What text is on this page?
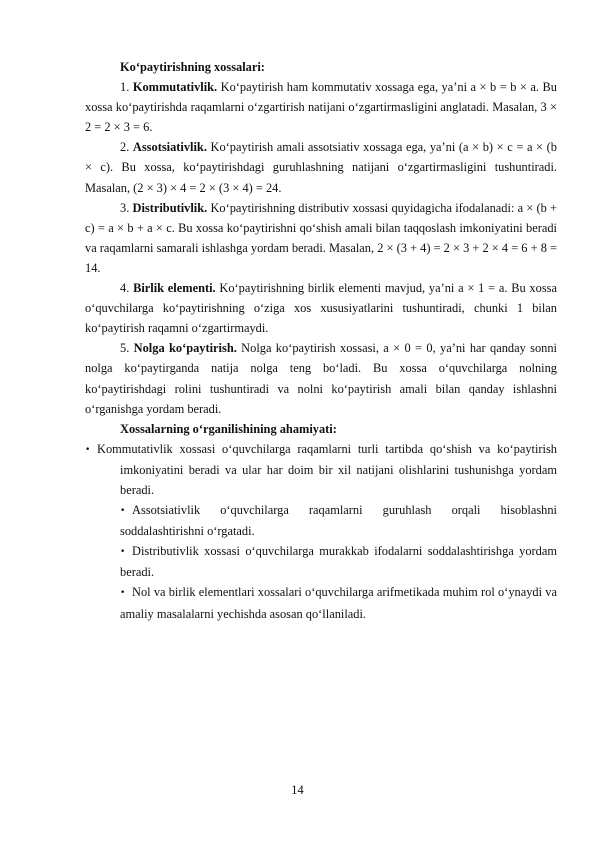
Ko‘paytirishning xossalari:

1. Kommutativlik. Ko‘paytirish ham kommutativ xossaga ega, ya’ni a × b = b × a. Bu xossa ko‘paytirishda raqamlarni o‘zgartirish natijani o‘zgartirmasligini anglatadi. Masalan, 3 × 2 = 2 × 3 = 6.

2. Assotsiativlik. Ko‘paytirish amali assotsiativ xossaga ega, ya’ni (a × b) × c = a × (b × c). Bu xossa, ko‘paytirishdagi guruhlashning natijani o‘zgartirmasligini tushuntiradi. Masalan, (2 × 3) × 4 = 2 × (3 × 4) = 24.

3. Distributivlik. Ko‘paytirishning distributiv xossasi quyidagicha ifodalanadi: a × (b + c) = a × b + a × c. Bu xossa ko‘paytirishni qo‘shish amali bilan taqqoslash imkoniyatini beradi va raqamlarni samarali ishlashga yordam beradi. Masalan, 2 × (3 + 4) = 2 × 3 + 2 × 4 = 6 + 8 = 14.

4. Birlik elementi. Ko‘paytirishning birlik elementi mavjud, ya’ni a × 1 = a. Bu xossa o‘quvchilarga ko‘paytirishning o‘ziga xos xususiyatlarini tushuntiradi, chunki 1 bilan ko‘paytirish raqamni o‘zgartirmaydi.

5. Nolga ko‘paytirish. Nolga ko‘paytirish xossasi, a × 0 = 0, ya’ni har qanday sonni nolga ko‘paytirganda natija nolga teng bo‘ladi. Bu xossa o‘quvchilarga nolning ko‘paytirishdagi rolini tushuntiradi va nolni ko‘paytirish amali bilan qanday ishlashni o‘rganishga yordam beradi.

Xossalarning o‘rganilishining ahamiyati:

• Kommutativlik xossasi o‘quvchilarga raqamlarni turli tartibda qo‘shish va ko‘paytirish imkoniyatini beradi va ular har doim bir xil natijani olishlarini tushunishga yordam beradi.

• Assotsiativlik o‘quvchilarga raqamlarni guruhlash orqali hisoblashni soddalashtirishni o‘rgatadi.

• Distributivlik xossasi o‘quvchilarga murakkab ifodalarni soddalashtirishga yordam beradi.

• Nol va birlik elementlari xossalari o‘quvchilarga arifmetikada muhim rol o‘ynaydi va amaliy masalalarni yechishda asosan qo‘llaniladi.

14
